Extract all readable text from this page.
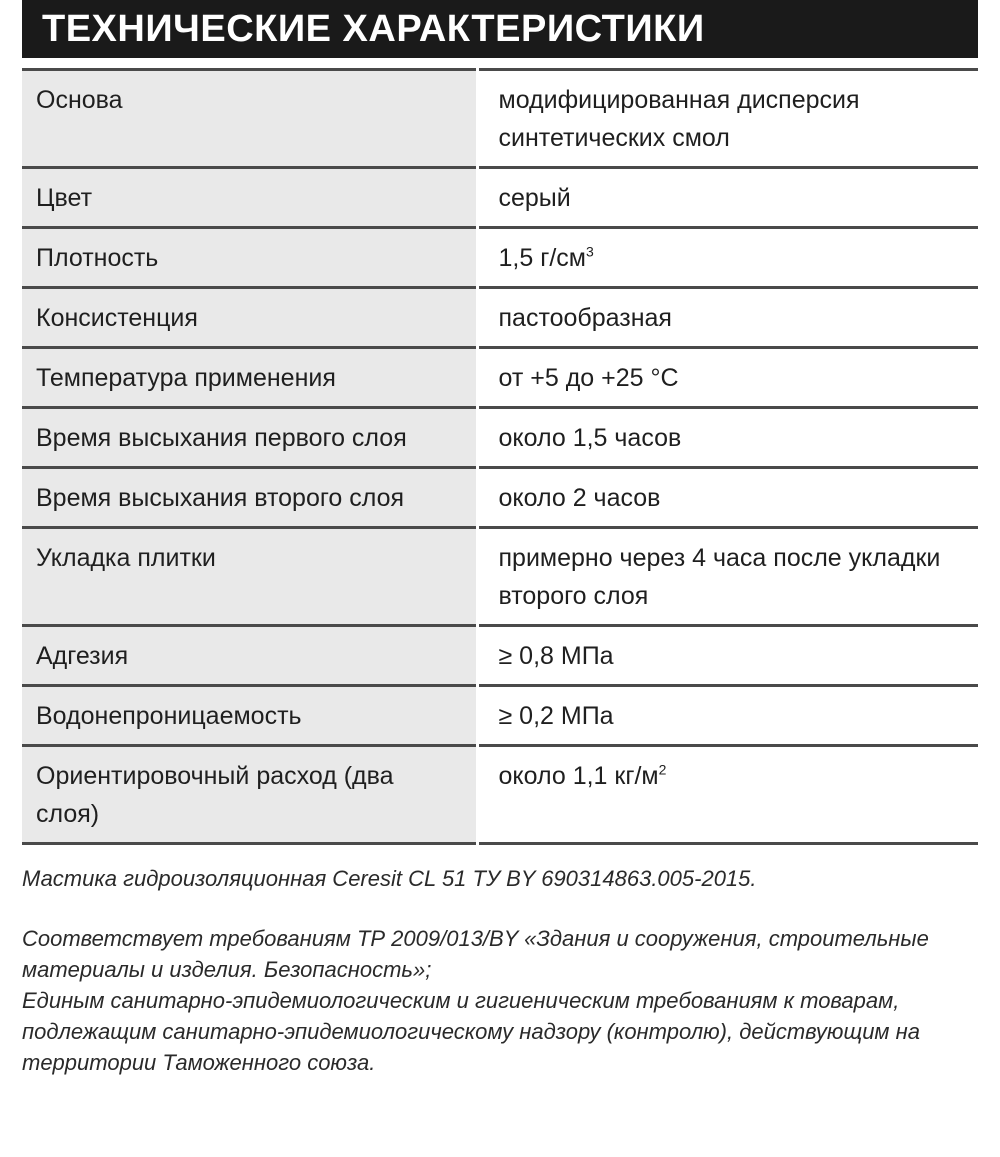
ТЕХНИЧЕСКИЕ ХАРАКТЕРИСТИКИ
Основа	модифицированная дисперсия синтетических смол
Цвет	серый
Плотность	1,5 $г/см^3$
Консистенция	пастообразная
Температура применения	от +5 до +25 °С
Время высыхания первого слоя	около 1,5 часов
Время высыхания второго слоя	около 2 часов
Укладка плитки	примерно через 4 часа после укладки второго слоя
Адгезия	≥ 0,8 МПа
Водонепроницаемость	≥ 0,2 МПа
Ориентировочный расход (два слоя)	около 1,1 $кг/м^2$

Мастика гидроизоляционная Ceresit CL 51 ТУ BY 690314863.005-2015.

Соответствует требованиям ТР 2009/013/BY «Здания и сооружения, строительные материалы и изделия. Безопасность»;
Единым санитарно-эпидемиологическим и гигиеническим требованиям к товарам, подлежащим санитарно-эпидемиологическому надзору (контролю), действующим на территории Таможенного союза.
